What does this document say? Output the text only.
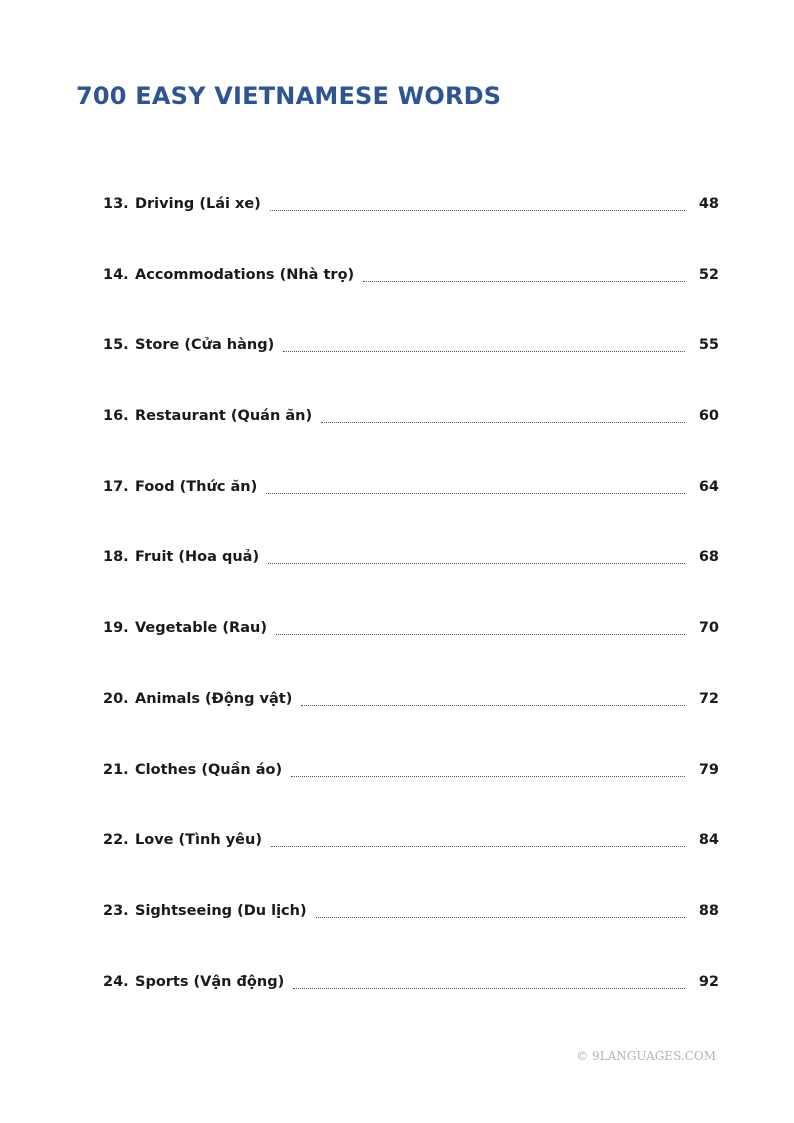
700 EASY VIETNAMESE WORDS
13. Driving (Lái xe)	48
14. Accommodations (Nhà trọ)	52
15. Store (Cửa hàng)	55
16. Restaurant (Quán ăn)	60
17. Food (Thức ăn)	64
18. Fruit (Hoa quả)	68
19. Vegetable (Rau)	70
20. Animals (Động vật)	72
21. Clothes (Quần áo)	79
22. Love (Tình yêu)	84
23. Sightseeing (Du lịch)	88
24. Sports (Vận động)	92
© 9LANGUAGES.COM
